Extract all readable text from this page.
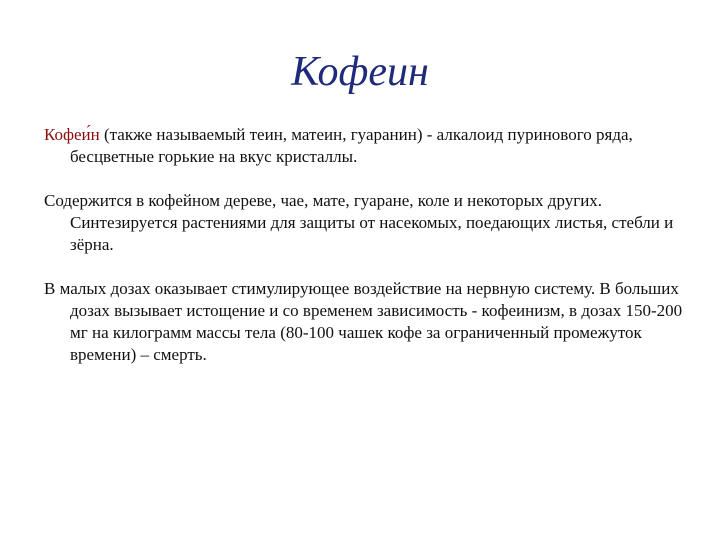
Кофеин

Кофеи́н (также называемый теин, матеин, гуаранин) - алкалоид пуринового ряда, бесцветные горькие на вкус кристаллы.

Содержится в кофейном дереве, чае, мате, гуаране, коле и некоторых других. Синтезируется растениями для защиты от насекомых, поедающих листья, стебли и зёрна.

В малых дозах оказывает стимулирующее воздействие на нервную систему. В больших дозах вызывает истощение и со временем зависимость - кофеинизм, в дозах 150-200 мг на килограмм массы тела (80-100 чашек кофе за ограниченный промежуток времени) – смерть.
